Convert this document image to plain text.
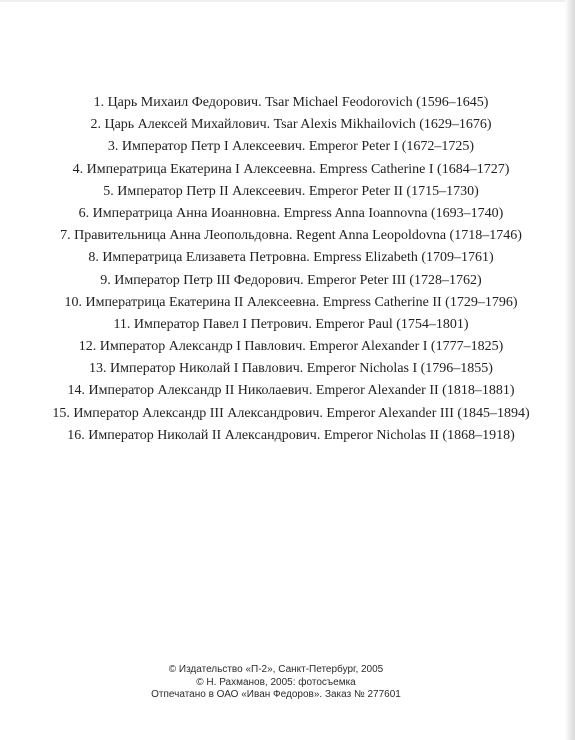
1. Царь Михаил Федорович. Tsar Michael Feodorovich (1596–1645)
2. Царь Алексей Михайлович. Tsar Alexis Mikhailovich (1629–1676)
3. Император Петр I Алексеевич. Emperor Peter I (1672–1725)
4. Императрица Екатерина I Алексеевна. Empress Catherine I (1684–1727)
5. Император Петр II Алексеевич. Emperor Peter II (1715–1730)
6. Императрица Анна Иоанновна. Empress Anna Ioannovna (1693–1740)
7. Правительница Анна Леопольдовна. Regent Anna Leopoldovna (1718–1746)
8. Императрица Елизавета Петровна. Empress Elizabeth (1709–1761)
9. Император Петр III Федорович. Emperor Peter III (1728–1762)
10. Императрица Екатерина II Алексеевна. Empress Catherine II (1729–1796)
11. Император Павел I Петрович. Emperor Paul (1754–1801)
12. Император Александр I Павлович. Emperor Alexander I (1777–1825)
13. Император Николай I Павлович. Emperor Nicholas I (1796–1855)
14. Император Александр II Николаевич. Emperor Alexander II (1818–1881)
15. Император Александр III Александрович. Emperor Alexander III (1845–1894)
16. Император Николай II Александрович. Emperor Nicholas II (1868–1918)
© Издательство «П-2», Санкт-Петербург, 2005
© Н. Рахманов, 2005: фотосъемка
Отпечатано в ОАО «Иван Федоров». Заказ № 277601
